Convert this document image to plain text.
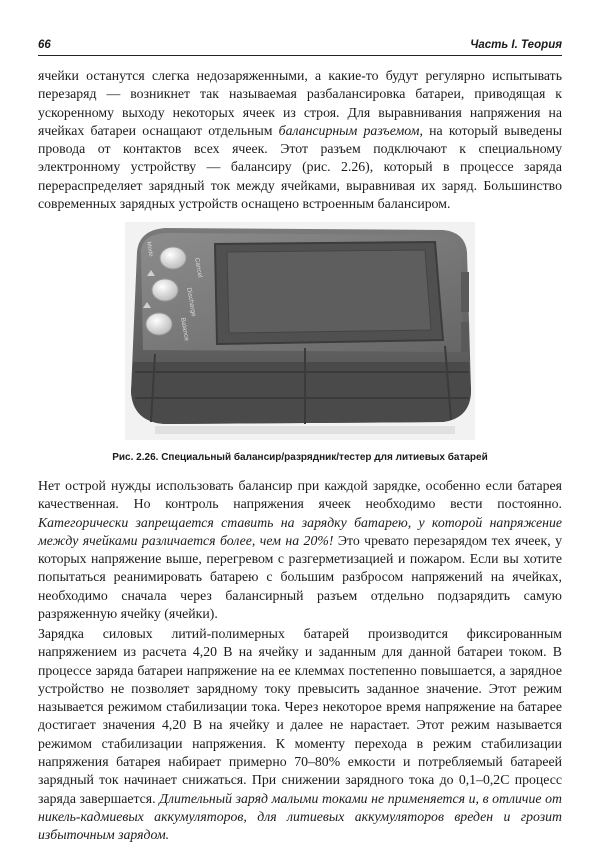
66	Часть I. Теория

ячейки останутся слегка недозаряженными, а какие-то будут регулярно испытывать перезаряд — возникнет так называемая разбалансировка батареи, приводящая к ускоренному выходу некоторых ячеек из строя. Для выравнивания напряжения на ячейках батареи оснащают отдельным балансирным разъемом, на который выведены провода от контактов всех ячеек. Этот разъем подключают к специальному электронному устройству — балансиру (рис. 2.26), который в процессе заряда перераспределяет зарядный ток между ячейками, выравнивая их заряд. Большинство современных зарядных устройств оснащено встроенным балансиром.

Cancel
Discharge
Balance
Mode
Рис. 2.26. Специальный балансир/разрядник/тестер для литиевых батарей

Нет острой нужды использовать балансир при каждой зарядке, особенно если батарея качественная. Но контроль напряжения ячеек необходимо вести постоянно. Категорически запрещается ставить на зарядку батарею, у которой напряжение между ячейками различается более, чем на 20%! Это чревато перезарядом тех ячеек, у которых напряжение выше, перегревом с разгерметизацией и пожаром. Если вы хотите попытаться реанимировать батарею с большим разбросом напряжений на ячейках, необходимо сначала через балансирный разъем отдельно подзарядить самую разряженную ячейку (ячейки).

Зарядка силовых литий-полимерных батарей производится фиксированным напряжением из расчета 4,20 В на ячейку и заданным для данной батареи током. В процессе заряда батареи напряжение на ее клеммах постепенно повышается, а зарядное устройство не позволяет зарядному току превысить заданное значение. Этот режим называется режимом стабилизации тока. Через некоторое время напряжение на батарее достигает значения 4,20 В на ячейку и далее не нарастает. Этот режим называется режимом стабилизации напряжения. К моменту перехода в режим стабилизации напряжения батарея набирает примерно 70–80% емкости и потребляемый батареей зарядный ток начинает снижаться. При снижении зарядного тока до 0,1–0,2С процесс заряда завершается. Длительный заряд малыми токами не применяется и, в отличие от никель-кадмиевых аккумуляторов, для литиевых аккумуляторов вреден и грозит избыточным зарядом.
